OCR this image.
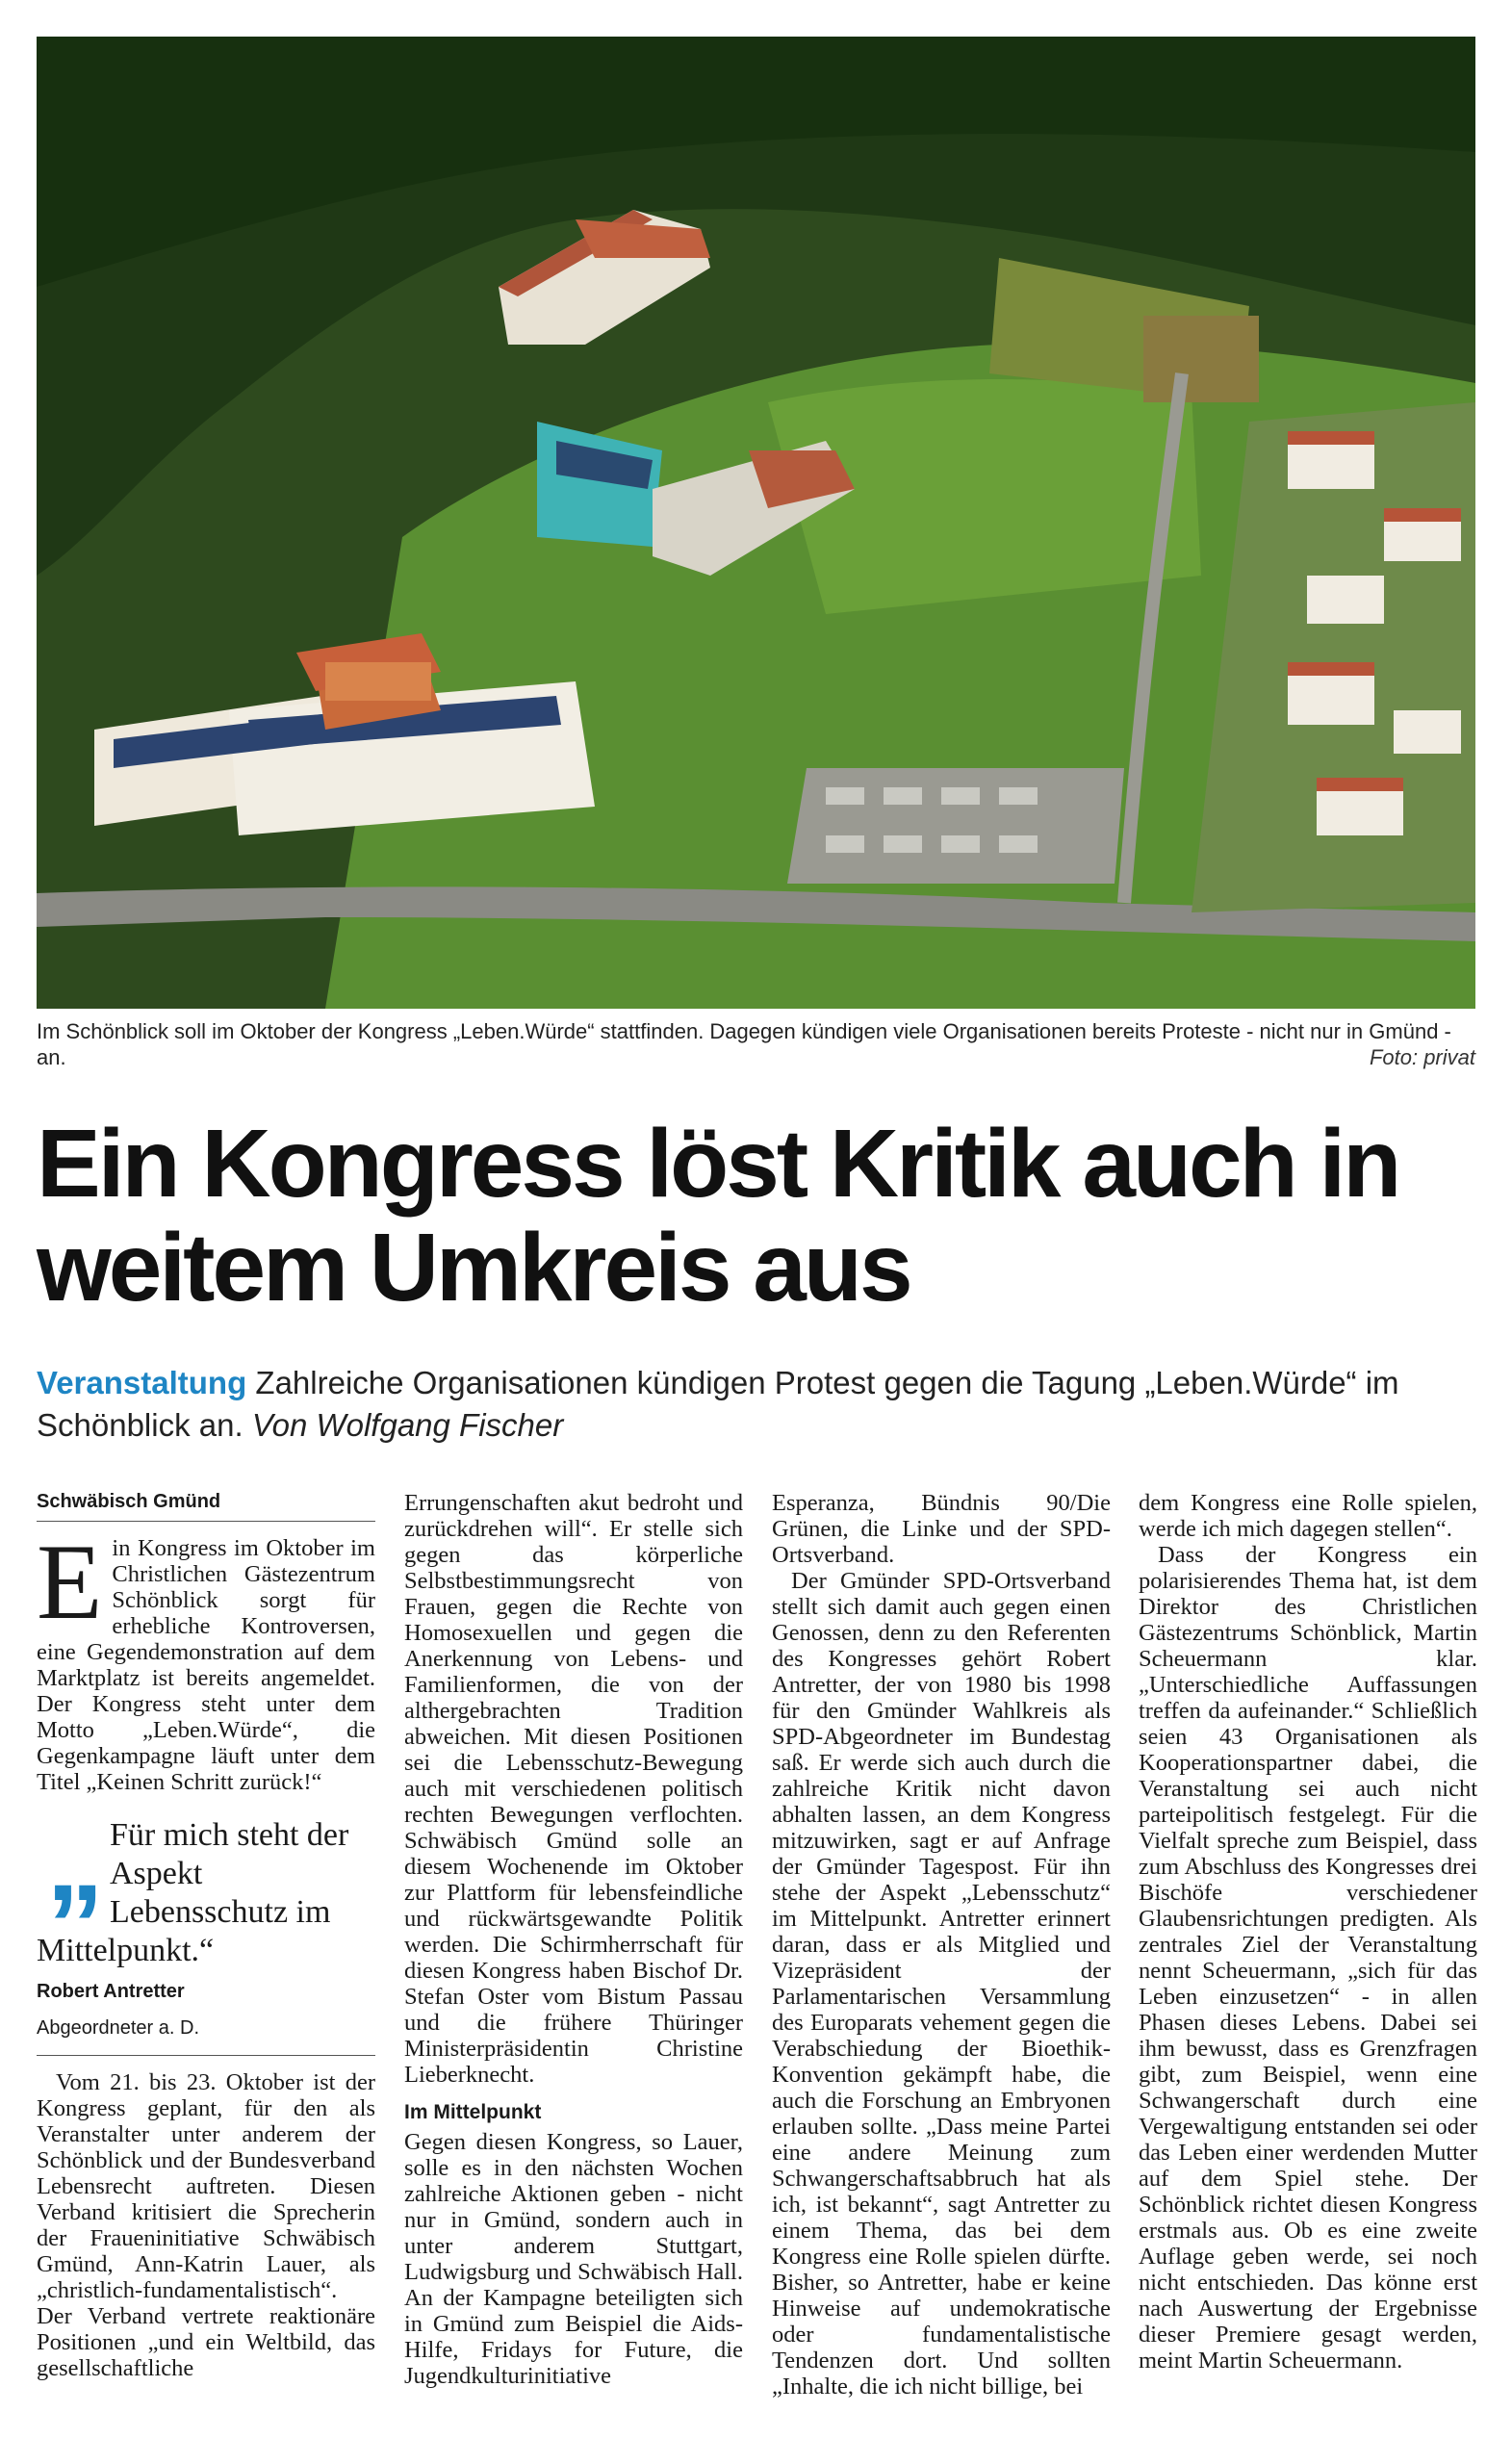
Im Schönblick soll im Oktober der Kongress „Leben.Würde“ stattfinden. Dagegen kündigen viele Organisationen bereits Proteste - nicht nur in Gmünd - an.	Foto: privat
Ein Kongress löst Kritik auch in weitem Umkreis aus
Veranstaltung Zahlreiche Organisationen kündigen Protest gegen die Tagung „Leben.Würde“ im Schönblick an. Von Wolfgang Fischer
Schwäbisch Gmünd

Ein Kongress im Oktober im Christlichen Gästezentrum Schönblick sorgt für erhebliche Kontroversen, eine Gegendemonstration auf dem Marktplatz ist bereits angemeldet. Der Kongress steht unter dem Motto „Leben.Würde“, die Gegenkampagne läuft unter dem Titel „Keinen Schritt zurück!“

„ Für mich steht der Aspekt Lebensschutz im Mittelpunkt.“
Robert Antretter
Abgeordneter a. D.

Vom 21. bis 23. Oktober ist der Kongress geplant, für den als Veranstalter unter anderem der Schönblick und der Bundesverband Lebensrecht auftreten. Diesen Verband kritisiert die Sprecherin der Fraueninitiative Schwäbisch Gmünd, Ann-Katrin Lauer, als „christlich-fundamentalistisch“. Der Verband vertrete reaktionäre Positionen „und ein Weltbild, das gesellschaftliche

Errungenschaften akut bedroht und zurückdrehen will“. Er stelle sich gegen das körperliche Selbstbestimmungsrecht von Frauen, gegen die Rechte von Homosexuellen und gegen die Anerkennung von Lebens- und Familienformen, die von der althergebrachten Tradition abweichen. Mit diesen Positionen sei die Lebensschutz-Bewegung auch mit verschiedenen politisch rechten Bewegungen verflochten. Schwäbisch Gmünd solle an diesem Wochenende im Oktober zur Plattform für lebensfeindliche und rückwärtsgewandte Politik werden. Die Schirmherrschaft für diesen Kongress haben Bischof Dr. Stefan Oster vom Bistum Passau und die frühere Thüringer Ministerpräsidentin Christine Lieberknecht.

Im Mittelpunkt

Gegen diesen Kongress, so Lauer, solle es in den nächsten Wochen zahlreiche Aktionen geben - nicht nur in Gmünd, sondern auch in unter anderem Stuttgart, Ludwigsburg und Schwäbisch Hall. An der Kampagne beteiligten sich in Gmünd zum Beispiel die Aids-Hilfe, Fridays for Future, die Jugendkulturinitiative

Esperanza, Bündnis 90/Die Grünen, die Linke und der SPD-Ortsverband.

Der Gmünder SPD-Ortsverband stellt sich damit auch gegen einen Genossen, denn zu den Referenten des Kongresses gehört Robert Antretter, der von 1980 bis 1998 für den Gmünder Wahlkreis als SPD-Abgeordneter im Bundestag saß. Er werde sich auch durch die zahlreiche Kritik nicht davon abhalten lassen, an dem Kongress mitzuwirken, sagt er auf Anfrage der Gmünder Tagespost. Für ihn stehe der Aspekt „Lebensschutz“ im Mittelpunkt. Antretter erinnert daran, dass er als Mitglied und Vizepräsident der Parlamentarischen Versammlung des Europarats vehement gegen die Verabschiedung der Bioethik-Konvention gekämpft habe, die auch die Forschung an Embryonen erlauben sollte. „Dass meine Partei eine andere Meinung zum Schwangerschaftsabbruch hat als ich, ist bekannt“, sagt Antretter zu einem Thema, das bei dem Kongress eine Rolle spielen dürfte. Bisher, so Antretter, habe er keine Hinweise auf undemokratische oder fundamentalistische Tendenzen dort. Und sollten „Inhalte, die ich nicht billige, bei

dem Kongress eine Rolle spielen, werde ich mich dagegen stellen“.

Dass der Kongress ein polarisierendes Thema hat, ist dem Direktor des Christlichen Gästezentrums Schönblick, Martin Scheuermann klar. „Unterschiedliche Auffassungen treffen da aufeinander.“ Schließlich seien 43 Organisationen als Kooperationspartner dabei, die Veranstaltung sei auch nicht parteipolitisch festgelegt. Für die Vielfalt spreche zum Beispiel, dass zum Abschluss des Kongresses drei Bischöfe verschiedener Glaubensrichtungen predigten. Als zentrales Ziel der Veranstaltung nennt Scheuermann, „sich für das Leben einzusetzen“ - in allen Phasen dieses Lebens. Dabei sei ihm bewusst, dass es Grenzfragen gibt, zum Beispiel, wenn eine Schwangerschaft durch eine Vergewaltigung entstanden sei oder das Leben einer werdenden Mutter auf dem Spiel stehe. Der Schönblick richtet diesen Kongress erstmals aus. Ob es eine zweite Auflage geben werde, sei noch nicht entschieden. Das könne erst nach Auswertung der Ergebnisse dieser Premiere gesagt werden, meint Martin Scheuermann.
